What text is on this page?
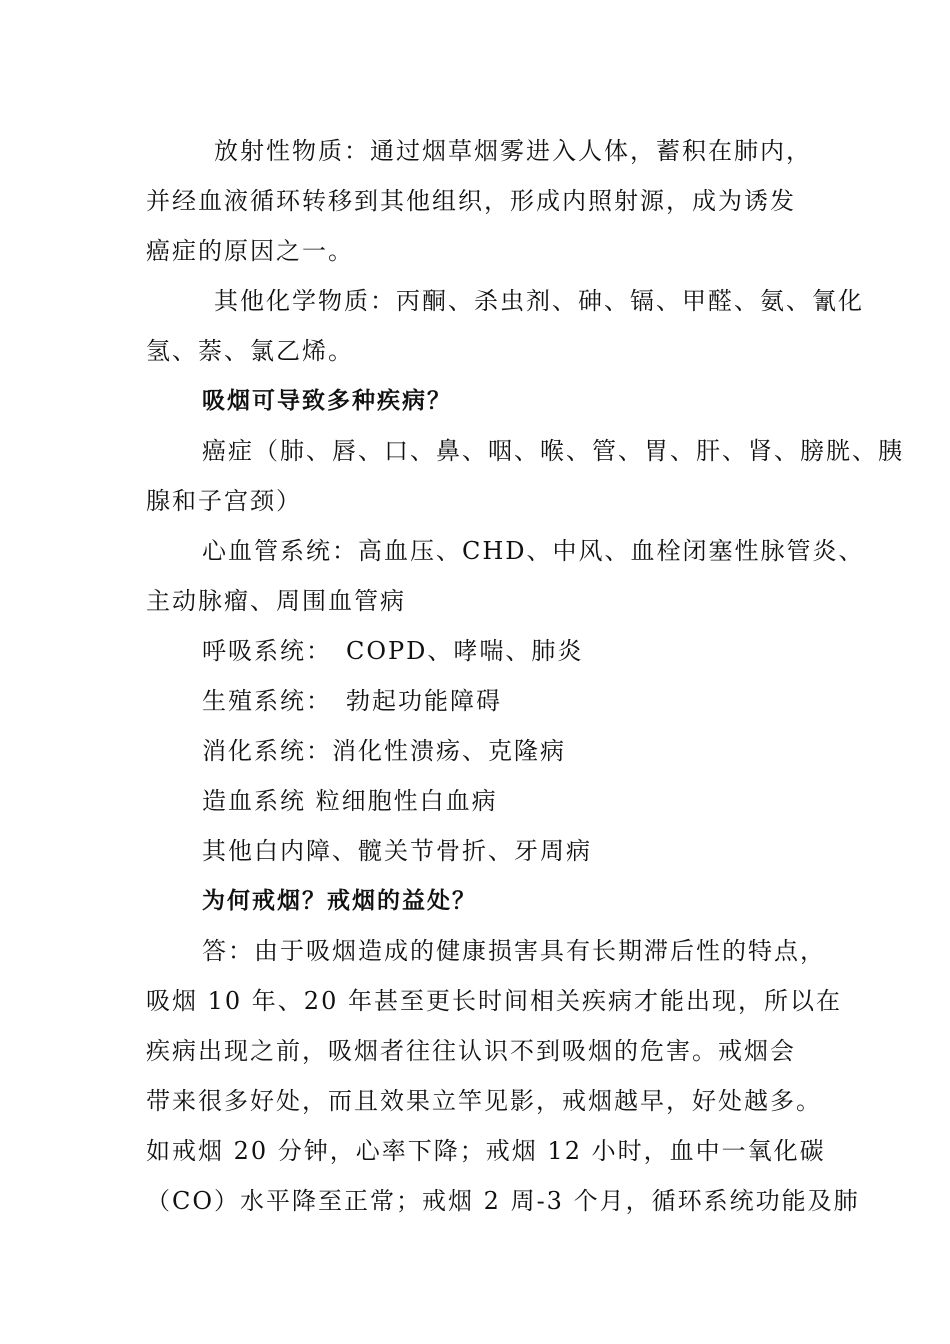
放射性物质：通过烟草烟雾进入人体，蓄积在肺内，
并经血液循环转移到其他组织，形成内照射源，成为诱发
癌症的原因之一。
其他化学物质：丙酮、杀虫剂、砷、镉、甲醛、氨、氰化
氢、萘、氯乙烯。
吸烟可导致多种疾病？
癌症（肺、唇、口、鼻、咽、喉、管、胃、肝、肾、膀胱、胰
腺和子宫颈）
心血管系统：高血压、CHD、中风、血栓闭塞性脉管炎、
主动脉瘤、周围血管病
呼吸系统：　COPD、哮喘、肺炎
生殖系统：　勃起功能障碍
消化系统：消化性溃疡、克隆病
造血系统 粒细胞性白血病
其他白内障、髋关节骨折、牙周病
为何戒烟？戒烟的益处？
答：由于吸烟造成的健康损害具有长期滞后性的特点，
吸烟 10 年、20 年甚至更长时间相关疾病才能出现，所以在
疾病出现之前，吸烟者往往认识不到吸烟的危害。戒烟会
带来很多好处，而且效果立竿见影，戒烟越早，好处越多。
如戒烟 20 分钟，心率下降；戒烟 12 小时，血中一氧化碳
（CO）水平降至正常；戒烟 2 周-3 个月，循环系统功能及肺
